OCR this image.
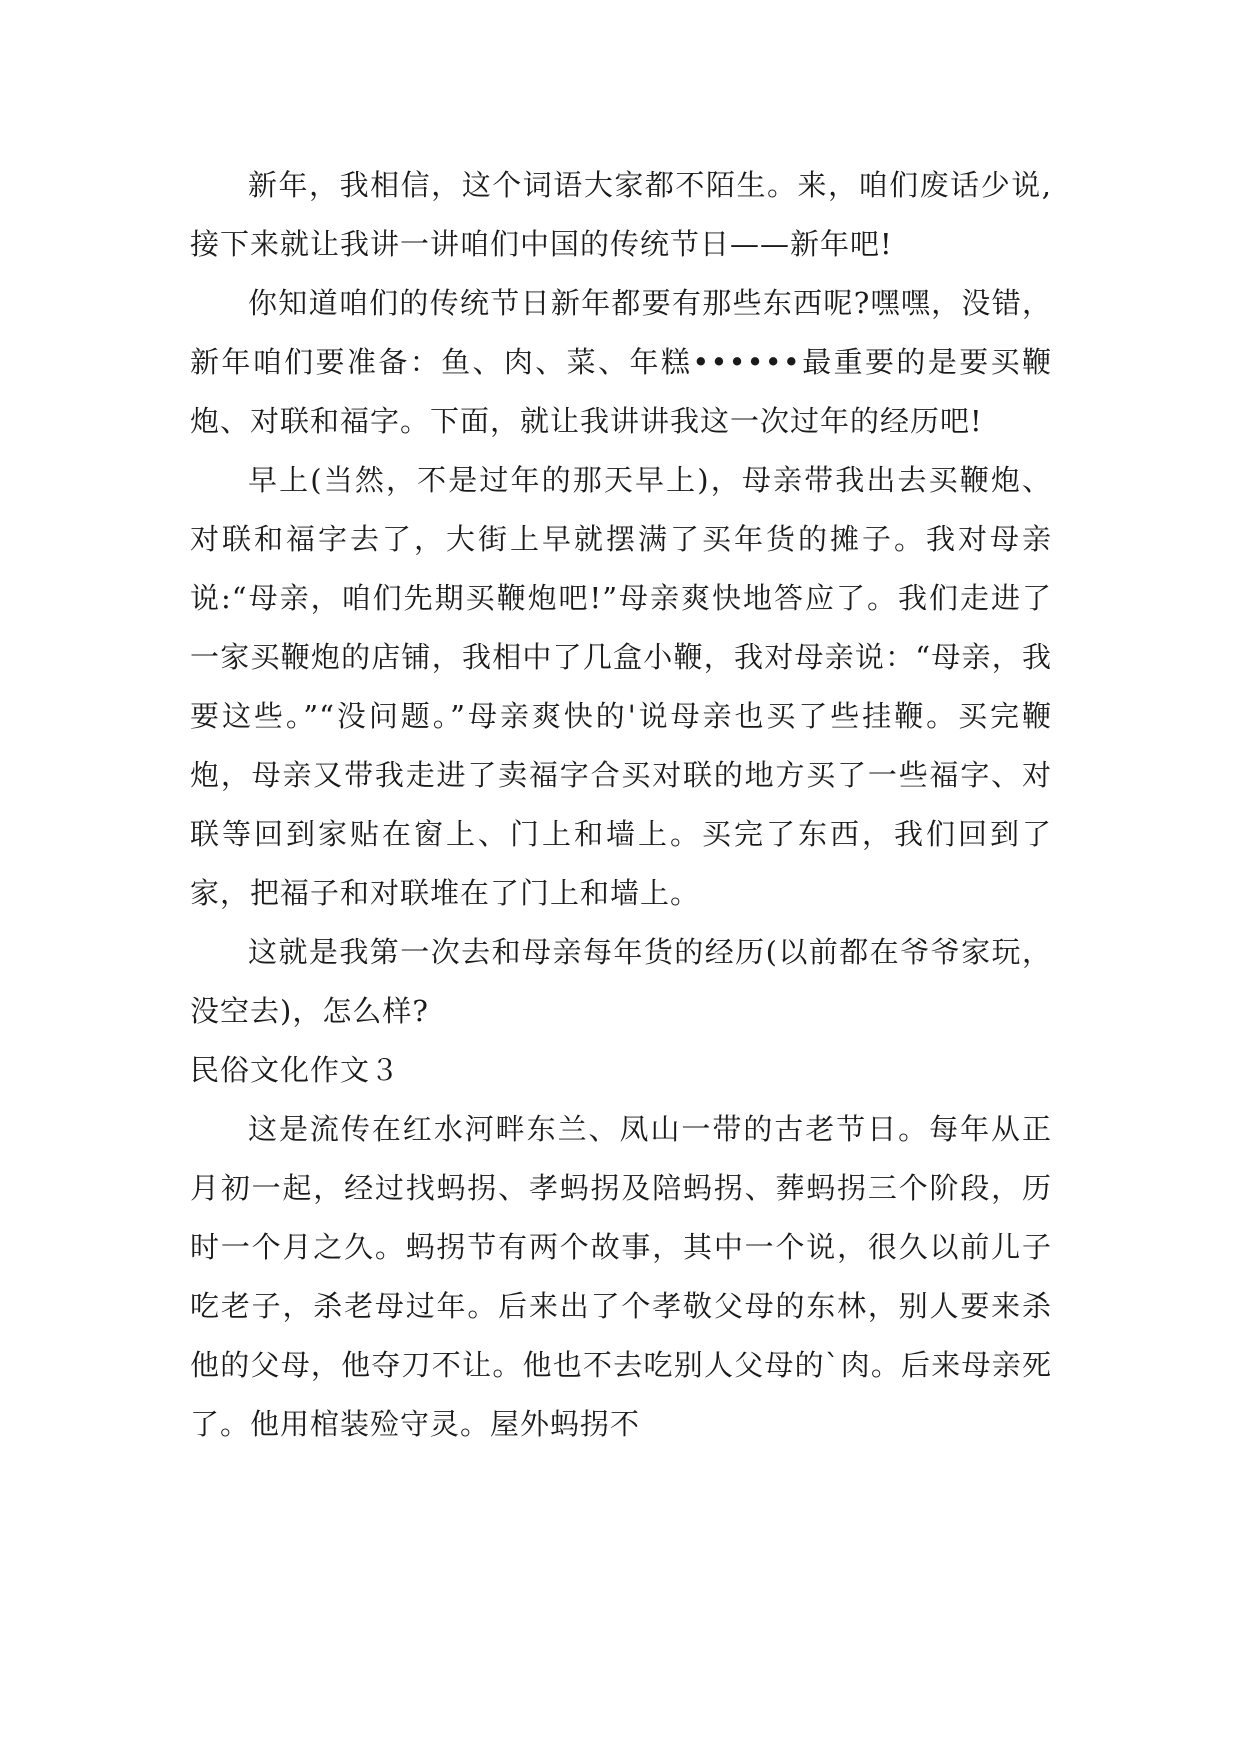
新年，我相信，这个词语大家都不陌生。来，咱们废话少说,接下来就让我讲一讲咱们中国的传统节日——新年吧!

你知道咱们的传统节日新年都要有那些东西呢?嘿嘿，没错，新年咱们要准备：鱼、肉、菜、年糕••••••最重要的是要买鞭炮、对联和福字。下面，就让我讲讲我这一次过年的经历吧!

早上(当然，不是过年的那天早上)，母亲带我出去买鞭炮、对联和福字去了，大街上早就摆满了买年货的摊子。我对母亲说:“母亲，咱们先期买鞭炮吧!”母亲爽快地答应了。我们走进了一家买鞭炮的店铺，我相中了几盒小鞭，我对母亲说：“母亲，我要这些。”“没问题。”母亲爽快的'说母亲也买了些挂鞭。买完鞭炮，母亲又带我走进了卖福字合买对联的地方买了一些福字、对联等回到家贴在窗上、门上和墙上。买完了东西，我们回到了家，把福子和对联堆在了门上和墙上。

这就是我第一次去和母亲每年货的经历(以前都在爷爷家玩，没空去)，怎么样?

民俗文化作文３

这是流传在红水河畔东兰、凤山一带的古老节日。每年从正月初一起，经过找蚂拐、孝蚂拐及陪蚂拐、葬蚂拐三个阶段，历时一个月之久。蚂拐节有两个故事，其中一个说，很久以前儿子吃老子，杀老母过年。后来出了个孝敬父母的东林，别人要来杀他的父母，他夺刀不让。他也不去吃别人父母的`肉。后来母亲死了。他用棺装殓守灵。屋外蚂拐不
